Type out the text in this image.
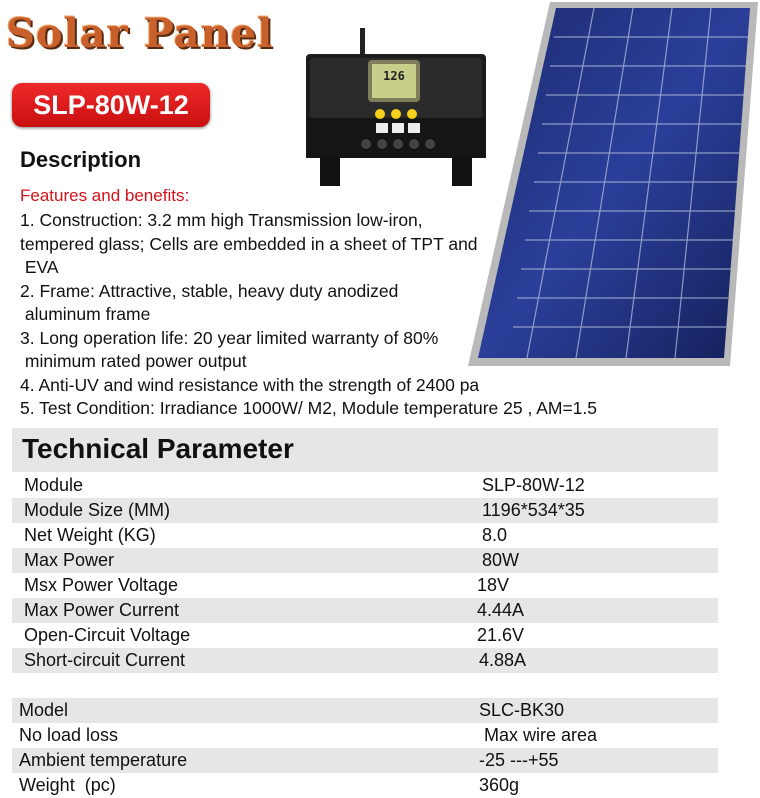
Solar Panel
SLP-80W-12
126
Description
Features and benefits:
1. Construction: 3.2 mm high Transmission low-iron,
tempered glass; Cells are embedded in a sheet of TPT and
EVA
2. Frame: Attractive, stable, heavy duty anodized
aluminum frame
3. Long operation life: 20 year limited warranty of 80%
minimum rated power output
4. Anti-UV and wind resistance with the strength of 2400 pa
5. Test Condition: Irradiance 1000W/ M2, Module temperature 25 , AM=1.5
Technical Parameter
Module	SLP-80W-12
Module Size (MM)	1196*534*35
Net Weight (KG)	8.0
Max Power	80W
Msx Power Voltage	18V
Max Power Current	4.44A
Open-Circuit Voltage	21.6V
Short-circuit Current	4.88A
Model	SLC-BK30
No load loss	Max wire area
Ambient temperature	-25 ---+55
Weight  (pc)	360g
